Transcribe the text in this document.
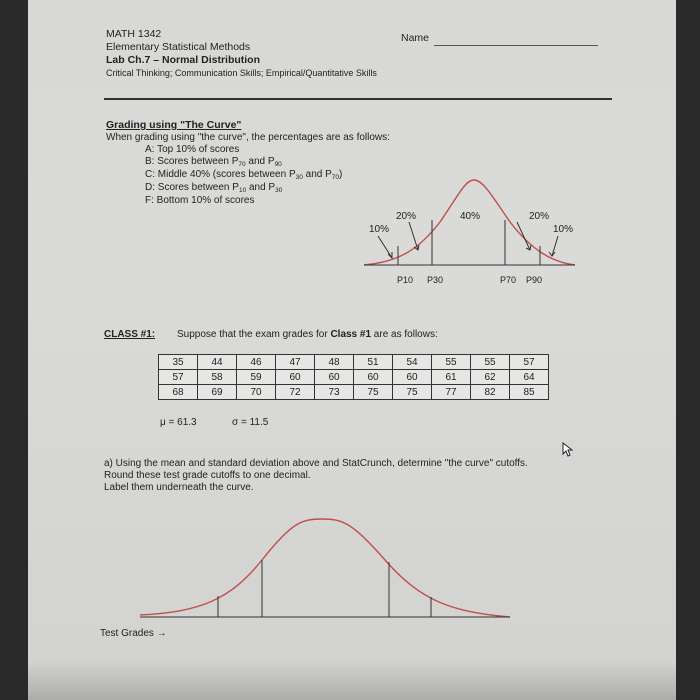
MATH 1342
Elementary Statistical Methods
Lab Ch.7 – Normal Distribution
Critical Thinking; Communication Skills; Empirical/Quantitative Skills
Name
Grading using "The Curve"
When grading using "the curve", the percentages are as follows:
A: Top 10% of scores
B: Scores between $P_{70}$ and $P_{90}$
C: Middle 40% (scores between $P_{30}$ and $P_{70}$)
D: Scores between $P_{10}$ and $P_{30}$
F: Bottom 10% of scores
20%
10%
40%	20%
10%
P10 P30	P70 P90
CLASS #1: Suppose that the exam grades for Class #1 are as follows:
35	44	46	47	48	51	54	55	55	57
57	58	59	60	60	60	60	61	62	64
68	69	70	72	73	75	75	77	82	85
μ = 61.3	σ = 11.5
a) Using the mean and standard deviation above and StatCrunch, determine "the curve" cutoffs.
Round these test grade cutoffs to one decimal.
Label them underneath the curve.
Test Grades →
